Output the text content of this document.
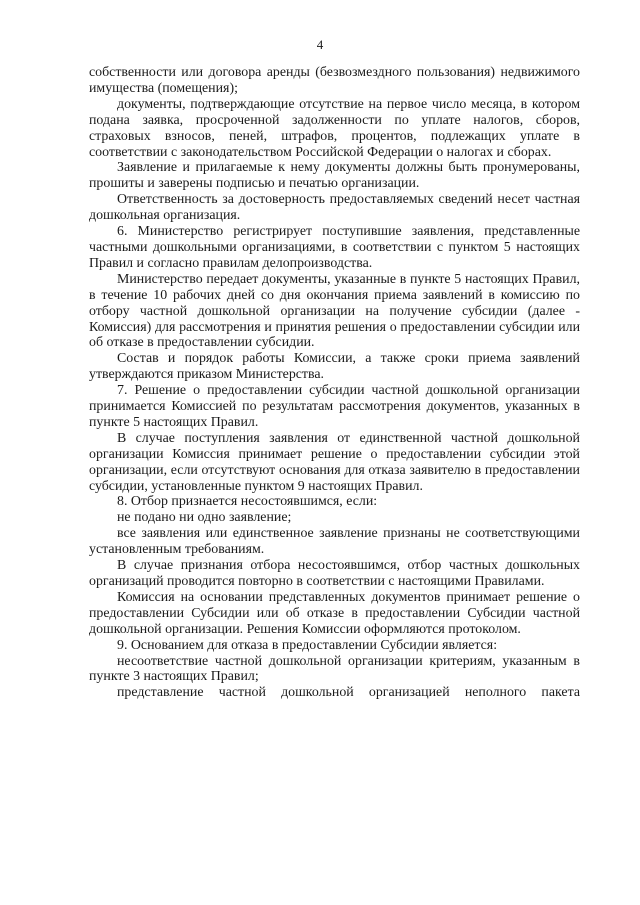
4

собственности или договора аренды (безвозмездного пользования) недвижимого имущества (помещения);

документы, подтверждающие отсутствие на первое число месяца, в котором подана заявка, просроченной задолженности по уплате налогов, сборов, страховых взносов, пеней, штрафов, процентов, подлежащих уплате в соответствии с законодательством Российской Федерации о налогах и сборах.

Заявление и прилагаемые к нему документы должны быть пронумерованы, прошиты и заверены подписью и печатью организации.

Ответственность за достоверность предоставляемых сведений несет частная дошкольная организация.

6. Министерство регистрирует поступившие заявления, представленные частными дошкольными организациями, в соответствии с пунктом 5 настоящих Правил и согласно правилам делопроизводства.

Министерство передает документы, указанные в пункте 5 настоящих Правил, в течение 10 рабочих дней со дня окончания приема заявлений в комиссию по отбору частной дошкольной организации на получение субсидии (далее - Комиссия) для рассмотрения и принятия решения о предоставлении субсидии или об отказе в предоставлении субсидии.

Состав и порядок работы Комиссии, а также сроки приема заявлений утверждаются приказом Министерства.

7. Решение о предоставлении субсидии частной дошкольной организации принимается Комиссией по результатам рассмотрения документов, указанных в пункте 5 настоящих Правил.

В случае поступления заявления от единственной частной дошкольной организации Комиссия принимает решение о предоставлении субсидии этой организации, если отсутствуют основания для отказа заявителю в предоставлении субсидии, установленные пунктом 9 настоящих Правил.

8. Отбор признается несостоявшимся, если:

не подано ни одно заявление;

все заявления или единственное заявление признаны не соответствующими установленным требованиям.

В случае признания отбора несостоявшимся, отбор частных дошкольных организаций проводится повторно в соответствии с настоящими Правилами.

Комиссия на основании представленных документов принимает решение о предоставлении Субсидии или об отказе в предоставлении Субсидии частной дошкольной организации. Решения Комиссии оформляются протоколом.

9. Основанием для отказа в предоставлении Субсидии является:

несоответствие частной дошкольной организации критериям, указанным в пункте 3 настоящих Правил;

представление частной дошкольной организацией неполного пакета
